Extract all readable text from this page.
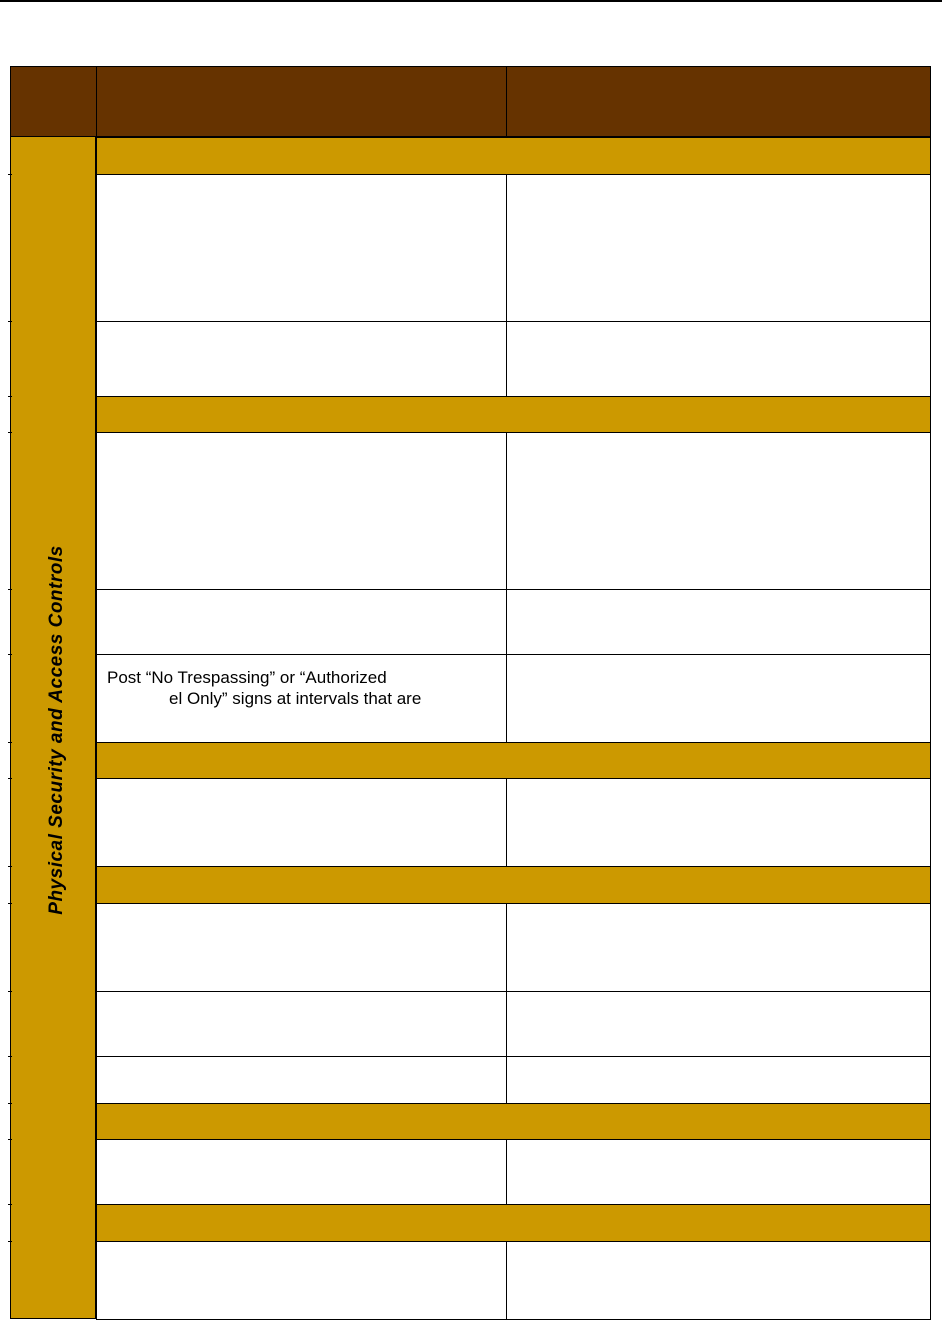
Physical Security and Access Controls Post “No Trespassing” or “Authorized
el Only” signs at intervals that are
